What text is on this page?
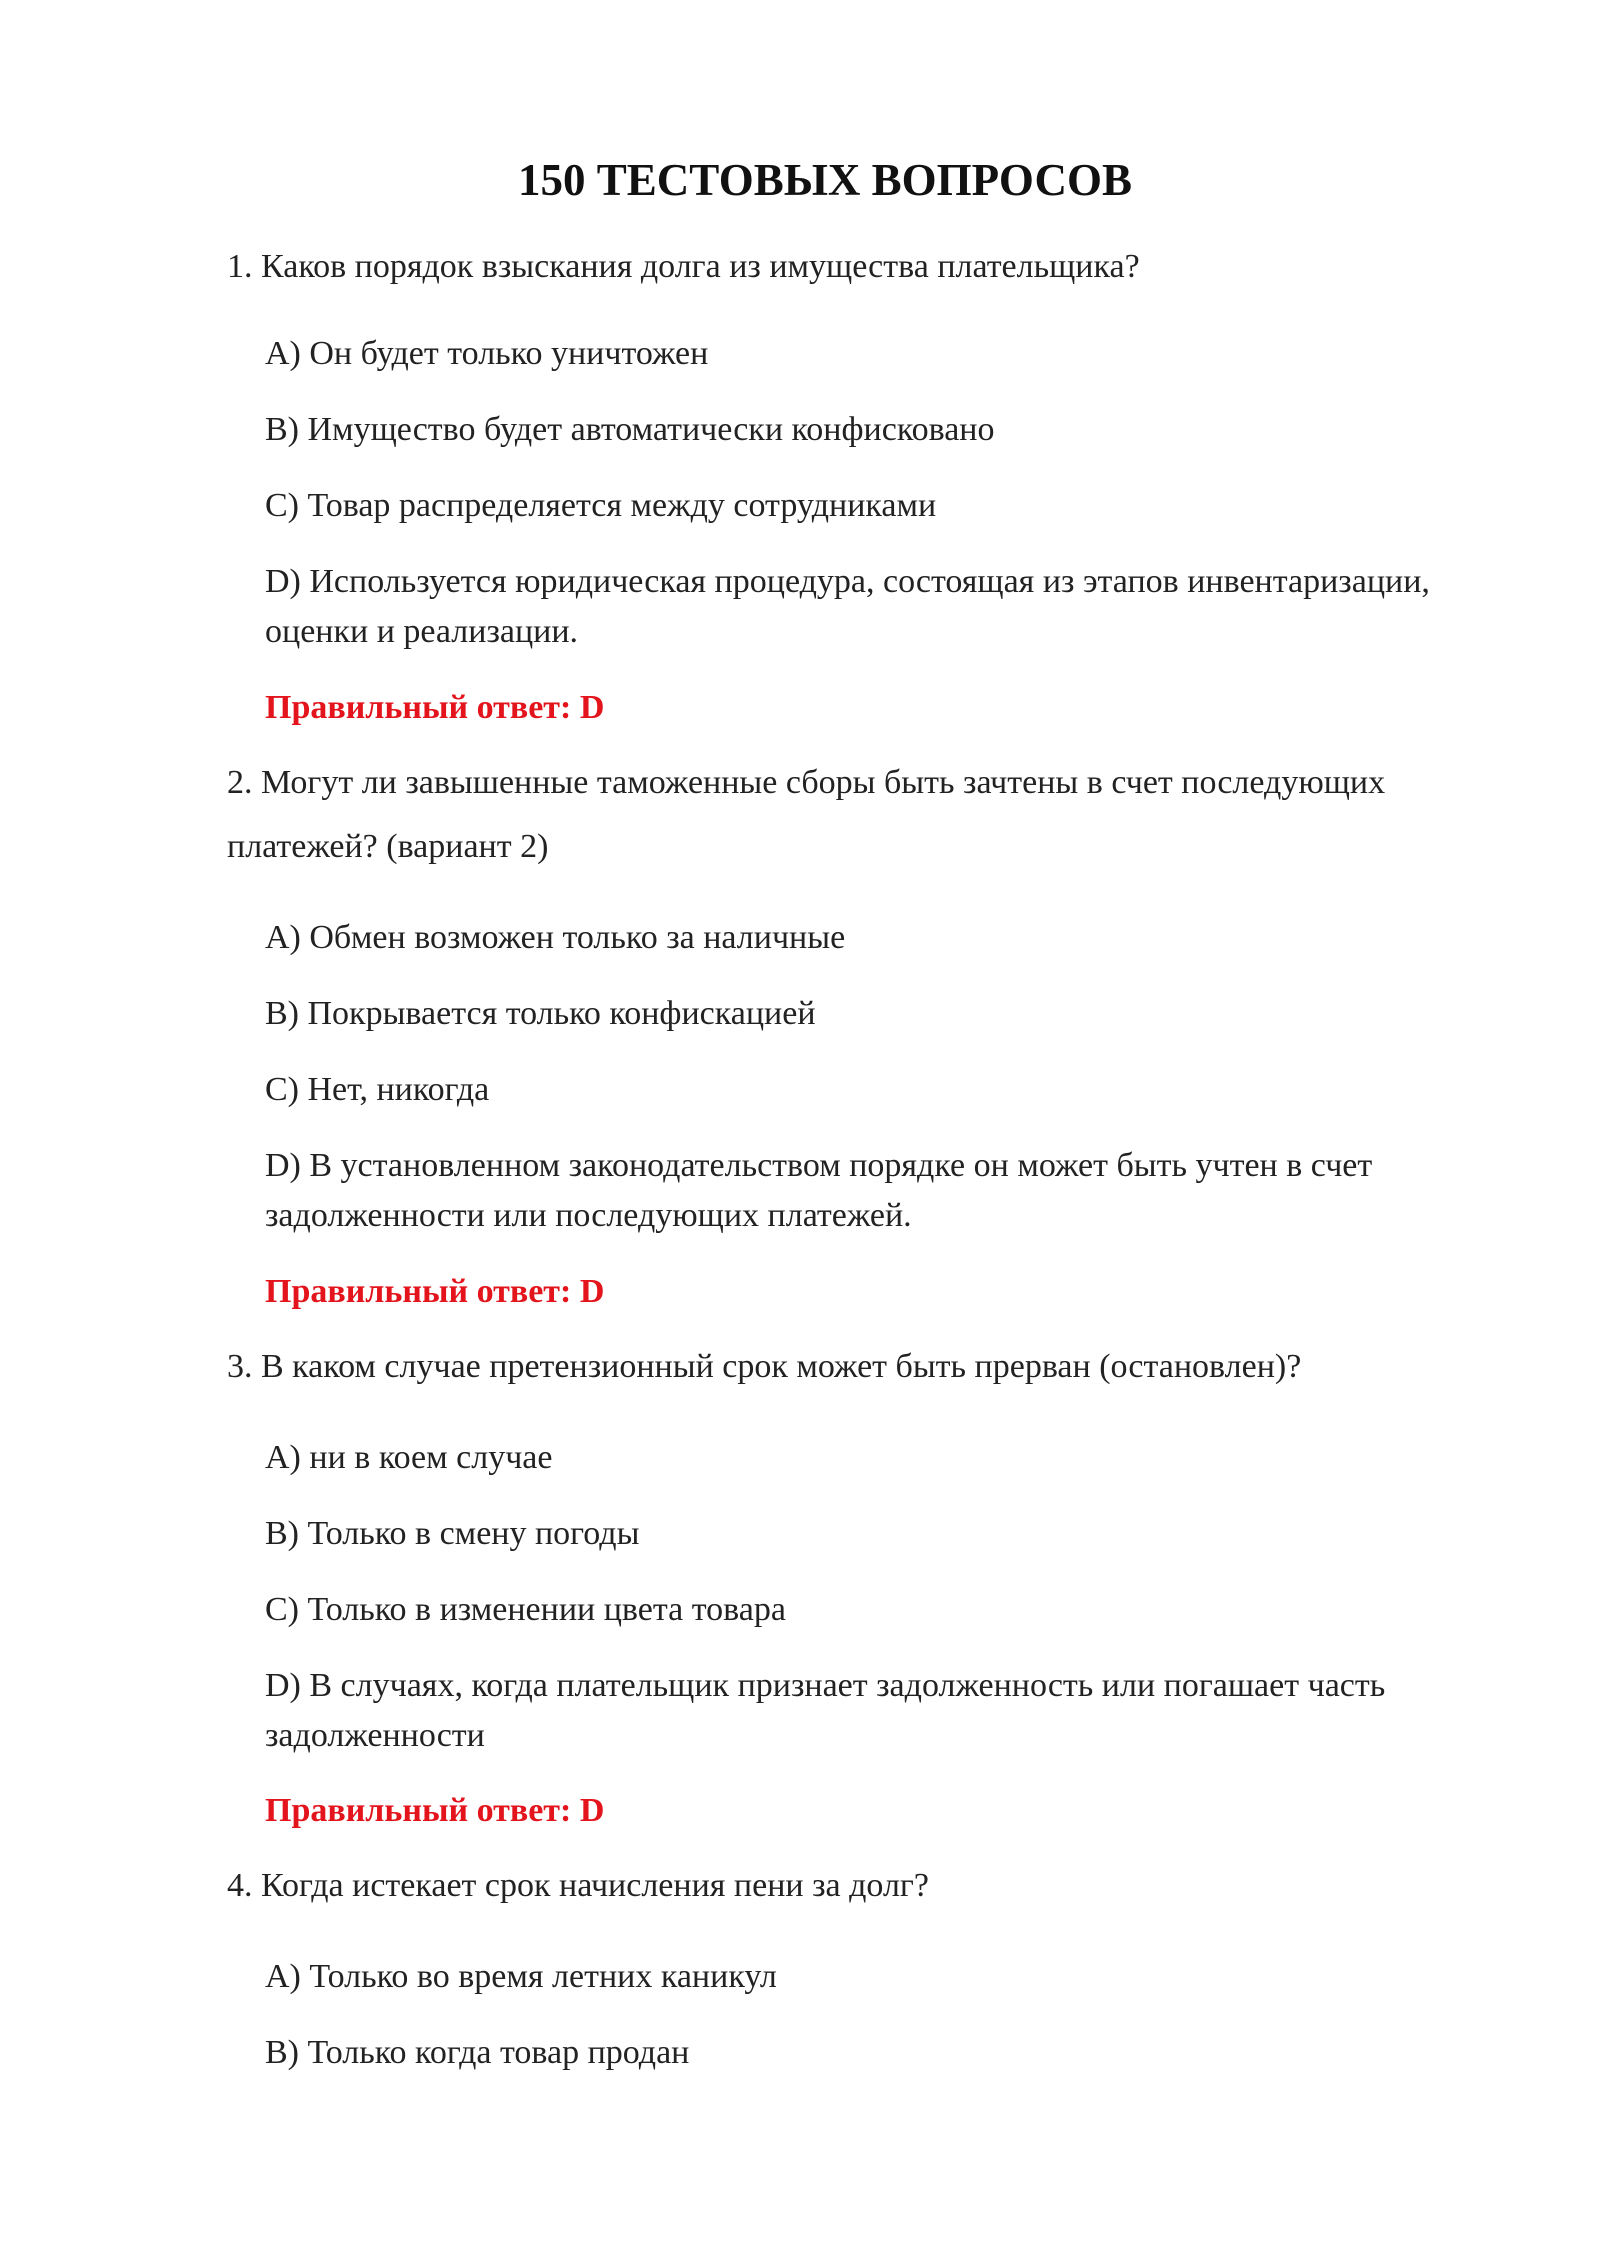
150 ТЕСТОВЫХ ВОПРОСОВ
1. Каков порядок взыскания долга из имущества плательщика?
A) Он будет только уничтожен
B) Имущество будет автоматически конфисковано
C) Товар распределяется между сотрудниками
D) Используется юридическая процедура, состоящая из этапов инвентаризации, оценки и реализации.
Правильный ответ: D
2. Могут ли завышенные таможенные сборы быть зачтены в счет последующих платежей? (вариант 2)
A) Обмен возможен только за наличные
B) Покрывается только конфискацией
C) Нет, никогда
D) В установленном законодательством порядке он может быть учтен в счет задолженности или последующих платежей.
Правильный ответ: D
3. В каком случае претензионный срок может быть прерван (остановлен)?
A) ни в коем случае
B) Только в смену погоды
C) Только в изменении цвета товара
D) В случаях, когда плательщик признает задолженность или погашает часть задолженности
Правильный ответ: D
4. Когда истекает срок начисления пени за долг?
A) Только во время летних каникул
B) Только когда товар продан
